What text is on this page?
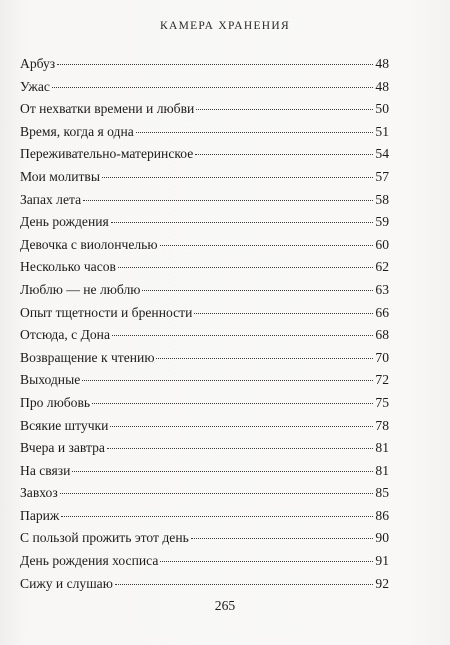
КАМЕРА ХРАНЕНИЯ
Арбуз	48
Ужас	48
От нехватки времени и любви	50
Время, когда я одна	51
Переживательно-материнское	54
Мои молитвы	57
Запах лета	58
День рождения	59
Девочка с виолончелью	60
Несколько часов	62
Люблю — не люблю	63
Опыт тщетности и бренности	66
Отсюда, с Дона	68
Возвращение к чтению	70
Выходные	72
Про любовь	75
Всякие штучки	78
Вчера и завтра	81
На связи	81
Завхоз	85
Париж	86
С пользой прожить этот день	90
День рождения хосписа	91
Сижу и слушаю	92
265
